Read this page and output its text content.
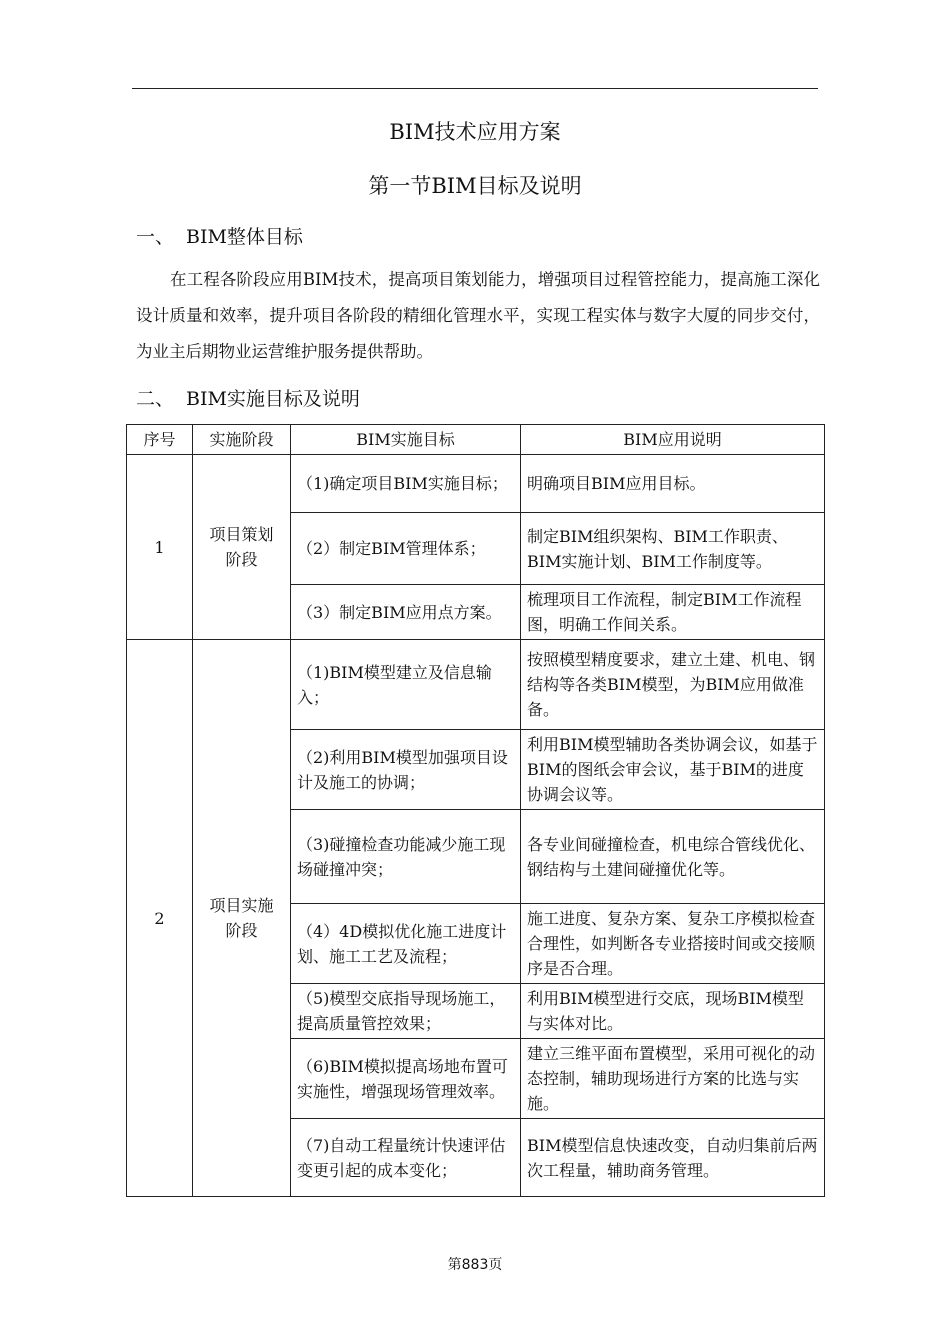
BIM技术应用方案
第一节BIM目标及说明
一、 BIM整体目标
在工程各阶段应用BIM技术，提高项目策划能力，增强项目过程管控能力，提高施工深化设计质量和效率，提升项目各阶段的精细化管理水平，实现工程实体与数字大厦的同步交付，为业主后期物业运营维护服务提供帮助。
二、 BIM实施目标及说明
序号	实施阶段	BIM实施目标	BIM应用说明
1	项目策划阶段	（1)确定项目BIM实施目标；	明确项目BIM应用目标。
		（2）制定BIM管理体系；	制定BIM组织架构、BIM工作职责、BIM实施计划、BIM工作制度等。
		（3）制定BIM应用点方案。	梳理项目工作流程，制定BIM工作流程图，明确工作间关系。
2	项目实施阶段	（1)BIM模型建立及信息输入；	按照模型精度要求，建立土建、机电、钢结构等各类BIM模型，为BIM应用做准备。
		（2)利用BIM模型加强项目设计及施工的协调；	利用BIM模型辅助各类协调会议，如基于BIM的图纸会审会议，基于BIM的进度协调会议等。
		（3)碰撞检查功能减少施工现场碰撞冲突；	各专业间碰撞检查，机电综合管线优化、钢结构与土建间碰撞优化等。
		（4）4D模拟优化施工进度计划、施工工艺及流程；	施工进度、复杂方案、复杂工序模拟检查合理性，如判断各专业搭接时间或交接顺序是否合理。
		（5)模型交底指导现场施工，提高质量管控效果；	利用BIM模型进行交底，现场BIM模型与实体对比。
		（6)BIM模拟提高场地布置可实施性，增强现场管理效率。	建立三维平面布置模型，采用可视化的动态控制，辅助现场进行方案的比选与实施。
		（7)自动工程量统计快速评估变更引起的成本变化；	BIM模型信息快速改变，自动归集前后两次工程量，辅助商务管理。
第883页
